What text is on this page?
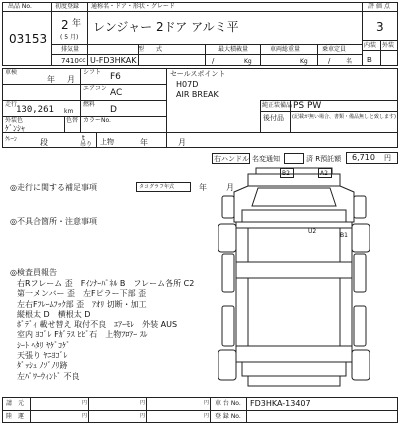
出品 No.
03153
初度登録
2 年
( 5 月)
通称名・ドア・形状・グレード
レンジャー 2ドア アルミ平
排気量
7410 cc
型　　式
U-FD3HKAK
最大積載量
/	Kg
車両総重量
Kg
乗車定員
/	名
評 価 点
3
内装 外装
B
車検
年 月
走行
130,261 km
外装色
ｹﾞﾝｼｬ
色替 カラーNo.
シフト F6
エアコン AC
燃料
D
ｸﾚｰﾝ	段	t
吊り 上物	年	月
セールスポイント
H07D
AIR BREAK
純正装備品 PS PW
後付品 (記載が無い場合、書類・備品無しと致します)
右ハンドル 名変通知	済 R預託額 6,710 円
◎走行に関する補足事項	タコグラフ年式	年 月
◎不具合箇所・注意事項
B2	A2
U2
B1
◎検査員報告
右Rフレーム 歪　Fｲﾝﾅｰﾊﾟﾈﾙ B　フレーム各所 C2
第一メンバー 歪　左Fピラー下部 歪
左右Fﾌﾚｰﾑﾌｯｸ部 歪　ｱｵﾘ 切断・加工
縦根太 D　横根太 D
ﾎﾞﾃﾞｨ 載せ替え 取付不良　ｴｱｰﾓﾚ　外装 AUS
室内 ﾖｺﾞﾚ Fｶﾞﾗｽ ﾋﾋﾞ石　上物ﾌﾛｱｰ ｽﾚ
ｼｰﾄ ﾍﾀﾘ ﾔｹﾞｺｹﾞ
天張り ﾔﾆﾖｺﾞﾚ
ﾀﾞｯｼｭ ﾉｿﾞﾉﾘ跡
左ﾊﾟﾜｰｳｨﾝﾄﾞ 不良
請　元
陸　運
円	円	円
円	円	円
車 台 No. FD3HKA-13407
登 録 No.
